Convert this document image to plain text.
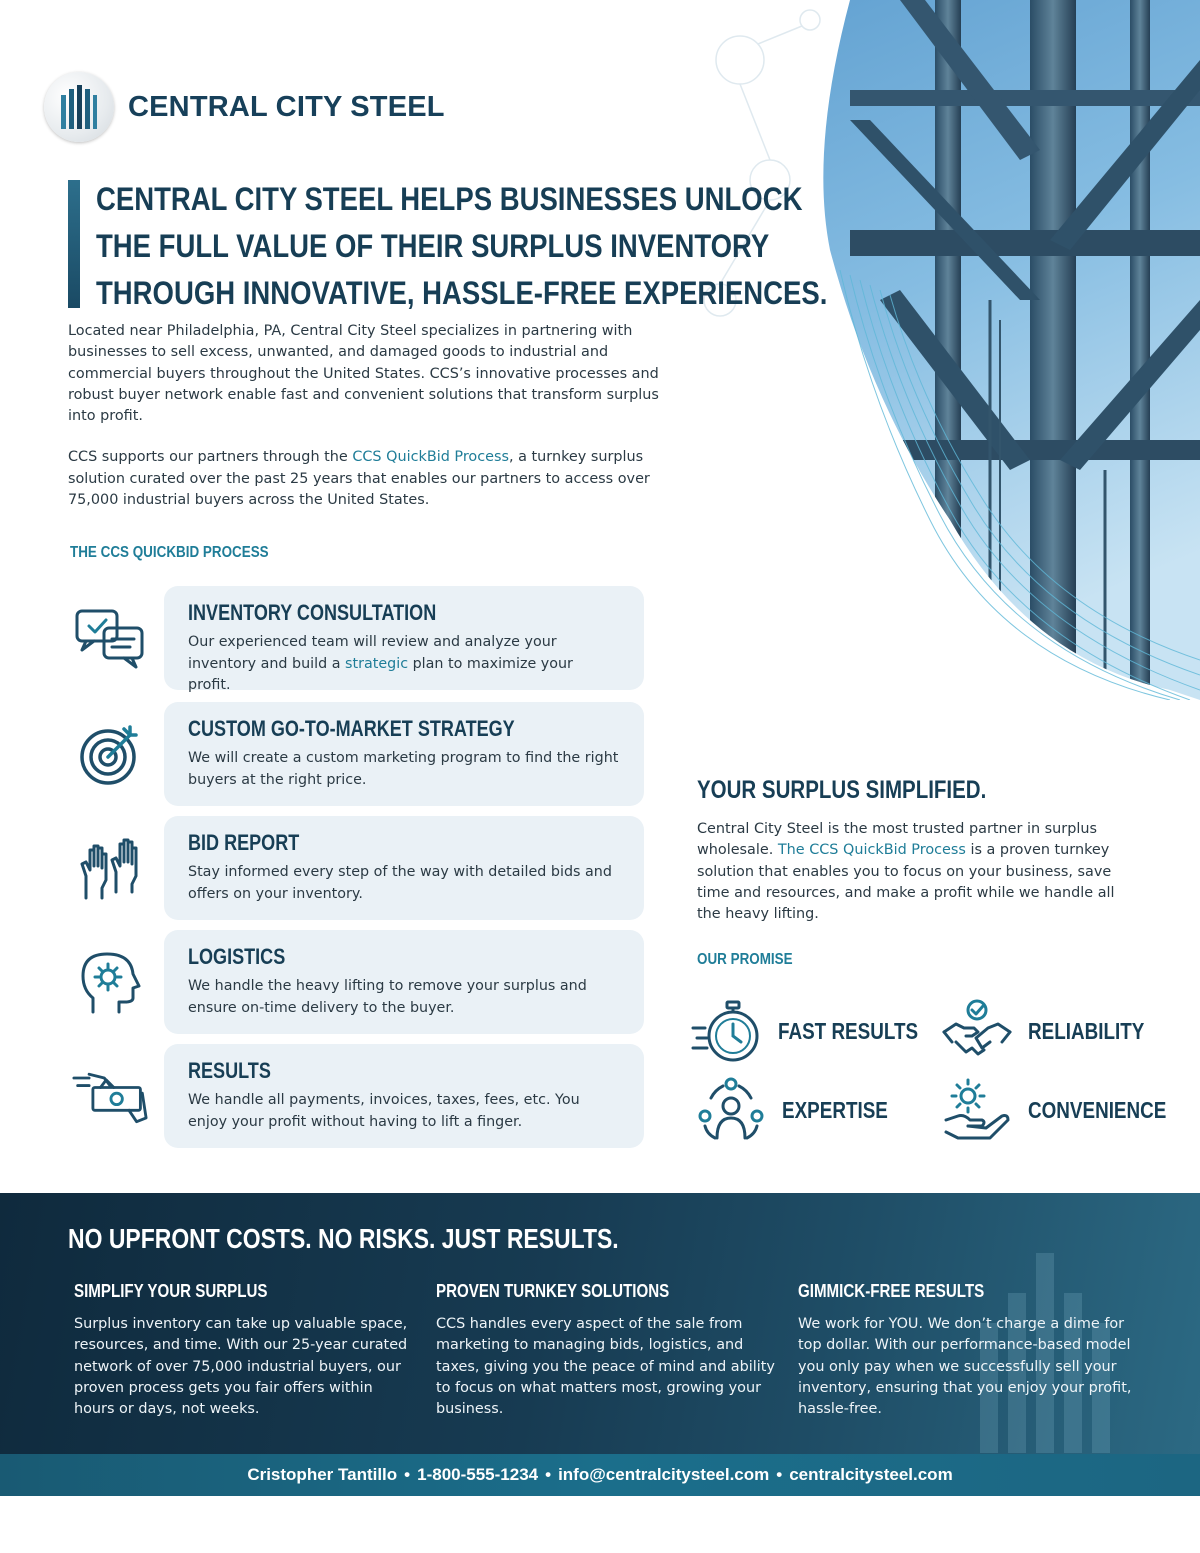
CENTRAL CITY STEEL
CENTRAL CITY STEEL HELPS BUSINESSES UNLOCK
THE FULL VALUE OF THEIR SURPLUS INVENTORY
THROUGH INNOVATIVE, HASSLE-FREE EXPERIENCES.

Located near Philadelphia, PA, Central City Steel specializes in partnering with businesses to sell excess, unwanted, and damaged goods to industrial and commercial buyers throughout the United States. CCS’s innovative processes and robust buyer network enable fast and convenient solutions that transform surplus into profit.

CCS supports our partners through the CCS QuickBid Process, a turnkey surplus solution curated over the past 25 years that enables our partners to access over 75,000 industrial buyers across the United States.

THE CCS QUICKBID PROCESS
INVENTORY CONSULTATION
Our experienced team will review and analyze your inventory and build a strategic plan to maximize your profit.
CUSTOM GO-TO-MARKET STRATEGY
We will create a custom marketing program to find the right buyers at the right price.
BID REPORT
Stay informed every step of the way with detailed bids and offers on your inventory.
LOGISTICS
We handle the heavy lifting to remove your surplus and ensure on-time delivery to the buyer.
RESULTS
We handle all payments, invoices, taxes, fees, etc. You enjoy your profit without having to lift a finger.
YOUR SURPLUS SIMPLIFIED.
Central City Steel is the most trusted partner in surplus wholesale. The CCS QuickBid Process is a proven turnkey solution that enables you to focus on your business, save time and resources, and make a profit while we handle all the heavy lifting.
OUR PROMISE
FAST RESULTS	RELIABILITY
EXPERTISE	CONVENIENCE
NO UPFRONT COSTS. NO RISKS. JUST RESULTS.
SIMPLIFY YOUR SURPLUS

Surplus inventory can take up valuable space, resources, and time. With our 25-year curated network of over 75,000 industrial buyers, our proven process gets you fair offers within hours or days, not weeks.

PROVEN TURNKEY SOLUTIONS

CCS handles every aspect of the sale from marketing to managing bids, logistics, and taxes, giving you the peace of mind and ability to focus on what matters most, growing your business.

GIMMICK-FREE RESULTS

We work for YOU. We don’t charge a dime for top dollar. With our performance-based model you only pay when we successfully sell your inventory, ensuring that you enjoy your profit, hassle-free.

Cristopher Tantillo • 1-800-555-1234 • info@centralcitysteel.com • centralcitysteel.com
